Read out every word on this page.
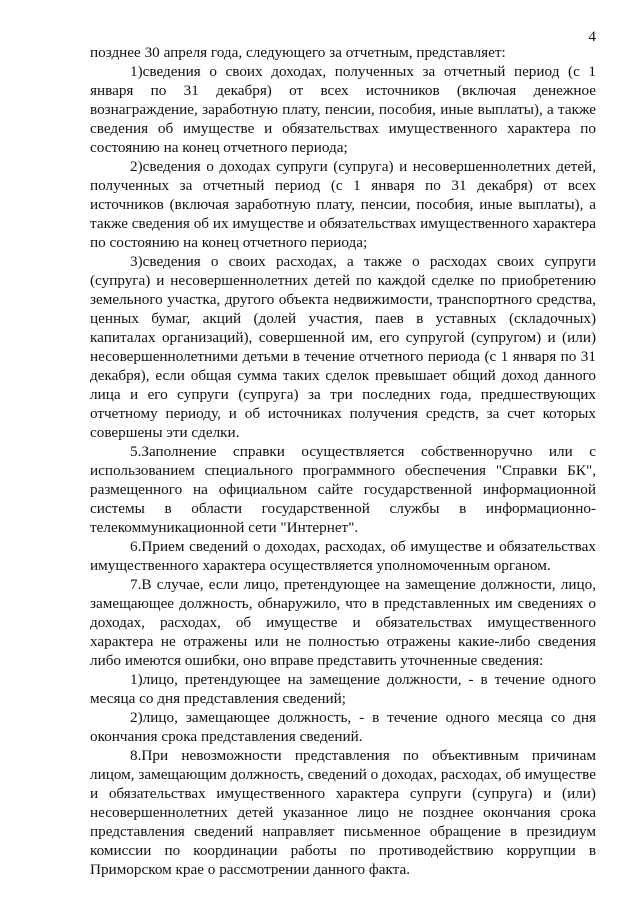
4

позднее 30 апреля года, следующего за отчетным, представляет:

1)сведения о своих доходах, полученных за отчетный период (с 1 января по 31 декабря) от всех источников (включая денежное вознаграждение, заработную плату, пенсии, пособия, иные выплаты), а также сведения об имуществе и обязательствах имущественного характера по состоянию на конец отчетного периода;

2)сведения о доходах супруги (супруга) и несовершеннолетних детей, полученных за отчетный период (с 1 января по 31 декабря) от всех источников (включая заработную плату, пенсии, пособия, иные выплаты), а также сведения об их имуществе и обязательствах имущественного характера по состоянию на конец отчетного периода;

3)сведения о своих расходах, а также о расходах своих супруги (супруга) и несовершеннолетних детей по каждой сделке по приобретению земельного участка, другого объекта недвижимости, транспортного средства, ценных бумаг, акций (долей участия, паев в уставных (складочных) капиталах организаций), совершенной им, его супругой (супругом) и (или) несовершеннолетними детьми в течение отчетного периода (с 1 января по 31 декабря), если общая сумма таких сделок превышает общий доход данного лица и его супруги (супруга) за три последних года, предшествующих отчетному периоду, и об источниках получения средств, за счет которых совершены эти сделки.

5.Заполнение справки осуществляется собственноручно или с использованием специального программного обеспечения "Справки БК", размещенного на официальном сайте государственной информационной системы в области государственной службы в информационно-телекоммуникационной сети "Интернет".

6.Прием сведений о доходах, расходах, об имуществе и обязательствах имущественного характера осуществляется уполномоченным органом.

7.В случае, если лицо, претендующее на замещение должности, лицо, замещающее должность, обнаружило, что в представленных им сведениях о доходах, расходах, об имуществе и обязательствах имущественного характера не отражены или не полностью отражены какие-либо сведения либо имеются ошибки, оно вправе представить уточненные сведения:

1)лицо, претендующее на замещение должности, - в течение одного месяца со дня представления сведений;

2)лицо, замещающее должность, - в течение одного месяца со дня окончания срока представления сведений.

8.При невозможности представления по объективным причинам лицом, замещающим должность, сведений о доходах, расходах, об имуществе и обязательствах имущественного характера супруги (супруга) и (или) несовершеннолетних детей указанное лицо не позднее окончания срока представления сведений направляет письменное обращение в президиум комиссии по координации работы по противодействию коррупции в Приморском крае о рассмотрении данного факта.
